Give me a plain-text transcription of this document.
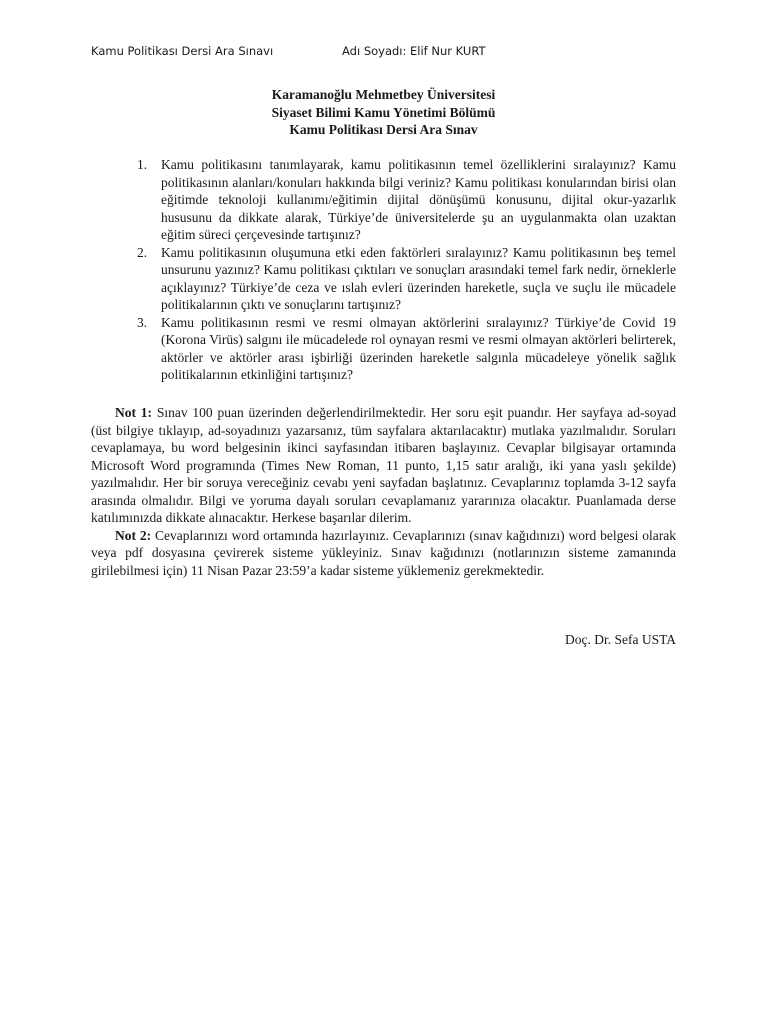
Kamu Politikası Dersi Ara Sınavı	Adı Soyadı: Elif Nur KURT
Karamanoğlu Mehmetbey Üniversitesi
Siyaset Bilimi Kamu Yönetimi Bölümü
Kamu Politikası Dersi Ara Sınav
1. Kamu politikasını tanımlayarak, kamu politikasının temel özelliklerini sıralayınız? Kamu politikasının alanları/konuları hakkında bilgi veriniz? Kamu politikası konularından birisi olan eğitimde teknoloji kullanımı/eğitimin dijital dönüşümü konusunu, dijital okur-yazarlık hususunu da dikkate alarak, Türkiye’de üniversitelerde şu an uygulanmakta olan uzaktan eğitim süreci çerçevesinde tartışınız?
2. Kamu politikasının oluşumuna etki eden faktörleri sıralayınız? Kamu politikasının beş temel unsurunu yazınız? Kamu politikası çıktıları ve sonuçları arasındaki temel fark nedir, örneklerle açıklayınız? Türkiye’de ceza ve ıslah evleri üzerinden hareketle, suçla ve suçlu ile mücadele politikalarının çıktı ve sonuçlarını tartışınız?
3. Kamu politikasının resmi ve resmi olmayan aktörlerini sıralayınız? Türkiye’de Covid 19 (Korona Virüs) salgını ile mücadelede rol oynayan resmi ve resmi olmayan aktörleri belirterek, aktörler ve aktörler arası işbirliği üzerinden hareketle salgınla mücadeleye yönelik sağlık politikalarının etkinliğini tartışınız?

Not 1: Sınav 100 puan üzerinden değerlendirilmektedir. Her soru eşit puandır. Her sayfaya ad-soyad (üst bilgiye tıklayıp, ad-soyadınızı yazarsanız, tüm sayfalara aktarılacaktır) mutlaka yazılmalıdır. Soruları cevaplamaya, bu word belgesinin ikinci sayfasından itibaren başlayınız. Cevaplar bilgisayar ortamında Microsoft Word programında (Times New Roman, 11 punto, 1,15 satır aralığı, iki yana yaslı şekilde) yazılmalıdır. Her bir soruya vereceğiniz cevabı yeni sayfadan başlatınız. Cevaplarınız toplamda 3-12 sayfa arasında olmalıdır. Bilgi ve yoruma dayalı soruları cevaplamanız yararınıza olacaktır. Puanlamada derse katılımınızda dikkate alınacaktır. Herkese başarılar dilerim.

Not 2: Cevaplarınızı word ortamında hazırlayınız. Cevaplarınızı (sınav kağıdınızı) word belgesi olarak veya pdf dosyasına çevirerek sisteme yükleyiniz. Sınav kağıdınızı (notlarınızın sisteme zamanında girilebilmesi için) 11 Nisan Pazar 23:59’a kadar sisteme yüklemeniz gerekmektedir.

Doç. Dr. Sefa USTA
